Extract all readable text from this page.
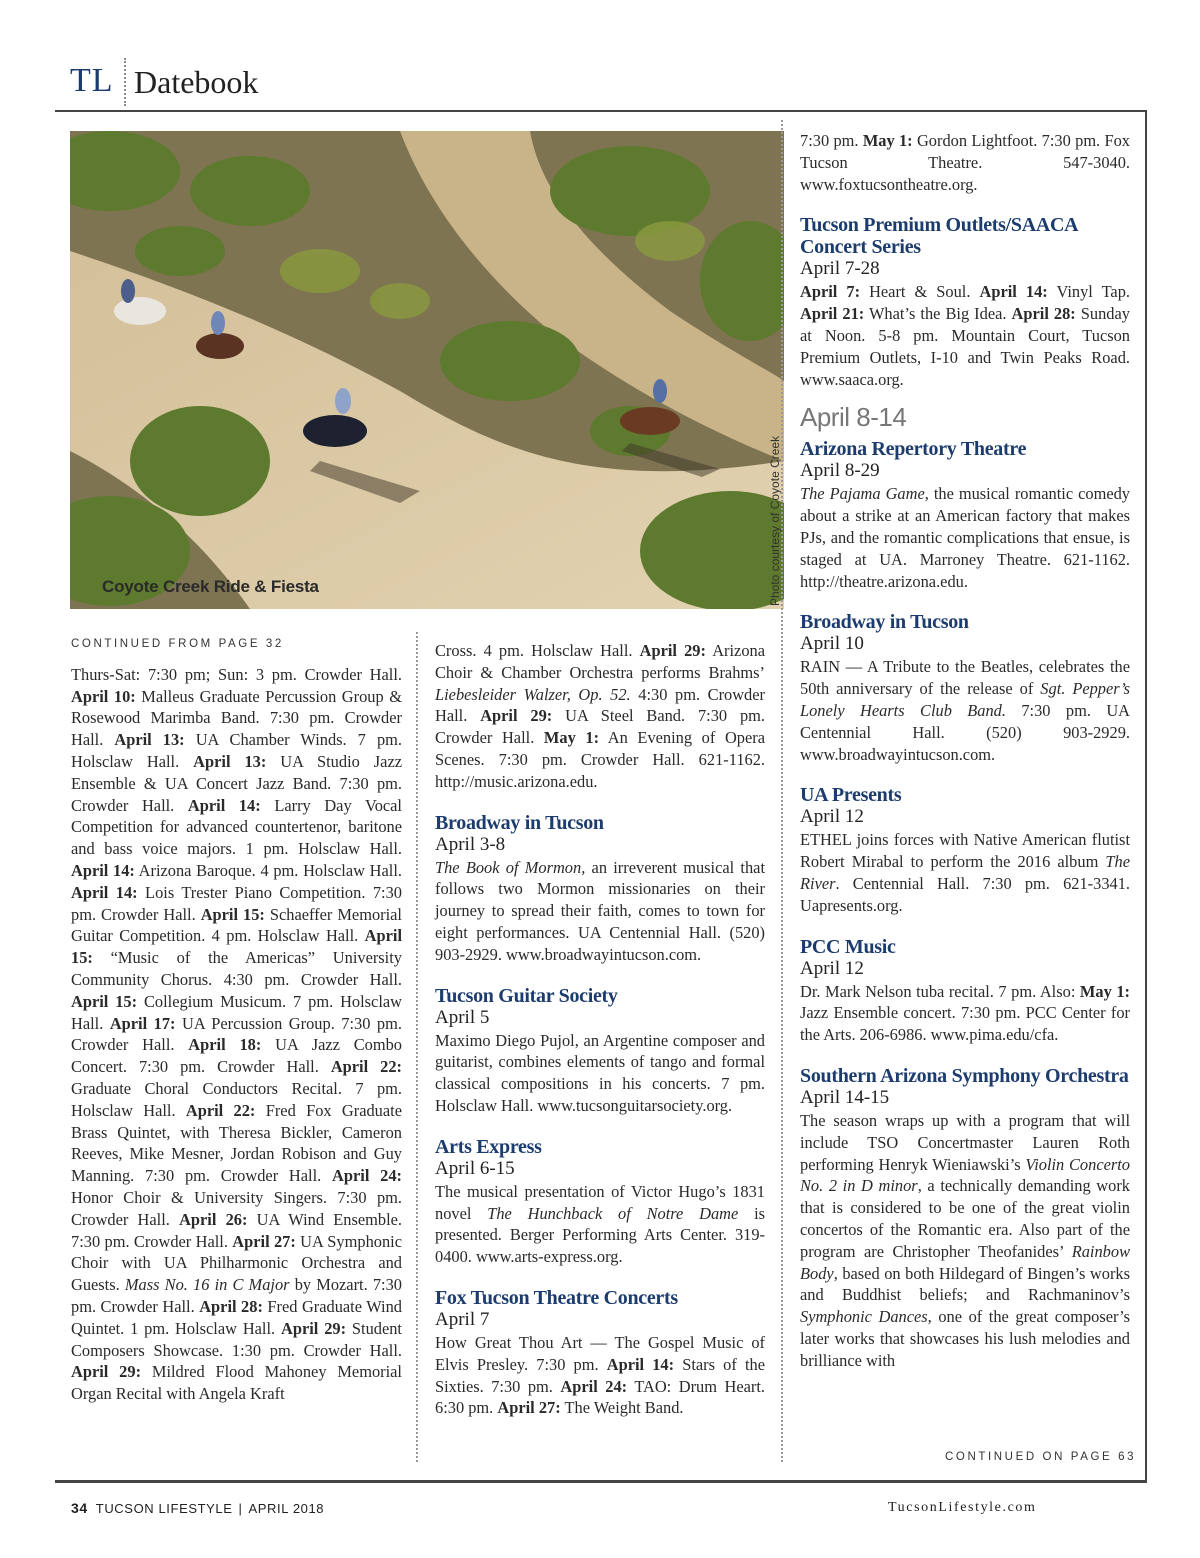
TL Datebook
Coyote Creek Ride & Fiesta	Photo courtesy of Coyote Creek
CONTINUED FROM PAGE 32

Thurs-Sat: 7:30 pm; Sun: 3 pm. Crowder Hall. April 10: Malleus Graduate Percussion Group & Rosewood Marimba Band. 7:30 pm. Crowder Hall. April 13: UA Chamber Winds. 7 pm. Holsclaw Hall. April 13: UA Studio Jazz Ensemble & UA Concert Jazz Band. 7:30 pm. Crowder Hall. April 14: Larry Day Vocal Competition for advanced countertenor, baritone and bass voice majors. 1 pm. Holsclaw Hall. April 14: Arizona Baroque. 4 pm. Holsclaw Hall. April 14: Lois Trester Piano Competition. 7:30 pm. Crowder Hall. April 15: Schaeffer Memorial Guitar Competition. 4 pm. Holsclaw Hall. April 15: “Music of the Americas” University Community Chorus. 4:30 pm. Crowder Hall. April 15: Collegium Musicum. 7 pm. Holsclaw Hall. April 17: UA Percussion Group. 7:30 pm. Crowder Hall. April 18: UA Jazz Combo Concert. 7:30 pm. Crowder Hall. April 22: Graduate Choral Conductors Recital. 7 pm. Holsclaw Hall. April 22: Fred Fox Graduate Brass Quintet, with Theresa Bickler, Cameron Reeves, Mike Mesner, Jordan Robison and Guy Manning. 7:30 pm. Crowder Hall. April 24: Honor Choir & University Singers. 7:30 pm. Crowder Hall. April 26: UA Wind Ensemble. 7:30 pm. Crowder Hall. April 27: UA Symphonic Choir with UA Philharmonic Orchestra and Guests. Mass No. 16 in C Major by Mozart. 7:30 pm. Crowder Hall. April 28: Fred Graduate Wind Quintet. 1 pm. Holsclaw Hall. April 29: Student Composers Showcase. 1:30 pm. Crowder Hall. April 29: Mildred Flood Mahoney Memorial Organ Recital with Angela Kraft

Cross. 4 pm. Holsclaw Hall. April 29: Arizona Choir & Chamber Orchestra performs Brahms’ Liebesleider Walzer, Op. 52. 4:30 pm. Crowder Hall. April 29: UA Steel Band. 7:30 pm. Crowder Hall. May 1: An Evening of Opera Scenes. 7:30 pm. Crowder Hall. 621-1162. http://music.arizona.edu.

Broadway in Tucson
April 3-8

The Book of Mormon, an irreverent musical that follows two Mormon missionaries on their journey to spread their faith, comes to town for eight performances. UA Centennial Hall. (520) 903-2929. www.broadwayintucson.com.

Tucson Guitar Society
April 5

Maximo Diego Pujol, an Argentine composer and guitarist, combines elements of tango and formal classical compositions in his concerts. 7 pm. Holsclaw Hall. www.tucsonguitarsociety.org.

Arts Express
April 6-15

The musical presentation of Victor Hugo’s 1831 novel The Hunchback of Notre Dame is presented. Berger Performing Arts Center. 319-0400. www.arts-express.org.

Fox Tucson Theatre Concerts
April 7

How Great Thou Art — The Gospel Music of Elvis Presley. 7:30 pm. April 14: Stars of the Sixties. 7:30 pm. April 24: TAO: Drum Heart. 6:30 pm. April 27: The Weight Band.

7:30 pm. May 1: Gordon Lightfoot. 7:30 pm. Fox Tucson Theatre. 547-3040. www.foxtucsontheatre.org.

Tucson Premium Outlets/SAACA Concert Series
April 7-28

April 7: Heart & Soul. April 14: Vinyl Tap. April 21: What’s the Big Idea. April 28: Sunday at Noon. 5-8 pm. Mountain Court, Tucson Premium Outlets, I-10 and Twin Peaks Road. www.saaca.org.

April 8-14
Arizona Repertory Theatre
April 8-29

The Pajama Game, the musical romantic comedy about a strike at an American factory that makes PJs, and the romantic complications that ensue, is staged at UA. Marroney Theatre. 621-1162. http://theatre.arizona.edu.

Broadway in Tucson
April 10

RAIN — A Tribute to the Beatles, celebrates the 50th anniversary of the release of Sgt. Pepper’s Lonely Hearts Club Band. 7:30 pm. UA Centennial Hall. (520) 903-2929. www.broadwayintucson.com.

UA Presents
April 12

ETHEL joins forces with Native American flutist Robert Mirabal to perform the 2016 album The River. Centennial Hall. 7:30 pm. 621-3341. Uapresents.org.

PCC Music
April 12

Dr. Mark Nelson tuba recital. 7 pm. Also: May 1: Jazz Ensemble concert. 7:30 pm. PCC Center for the Arts. 206-6986. www.pima.edu/cfa.

Southern Arizona Symphony Orchestra
April 14-15

The season wraps up with a program that will include TSO Concertmaster Lauren Roth performing Henryk Wieniawski’s Violin Concerto No. 2 in D minor, a technically demanding work that is considered to be one of the great violin concertos of the Romantic era. Also part of the program are Christopher Theofanides’ Rainbow Body, based on both Hildegard of Bingen’s works and Buddhist beliefs; and Rachmaninov’s Symphonic Dances, one of the great composer’s later works that showcases his lush melodies and brilliance with

CONTINUED ON PAGE 63
34 TUCSON LIFESTYLE | APRIL 2018	TucsonLifestyle.com
